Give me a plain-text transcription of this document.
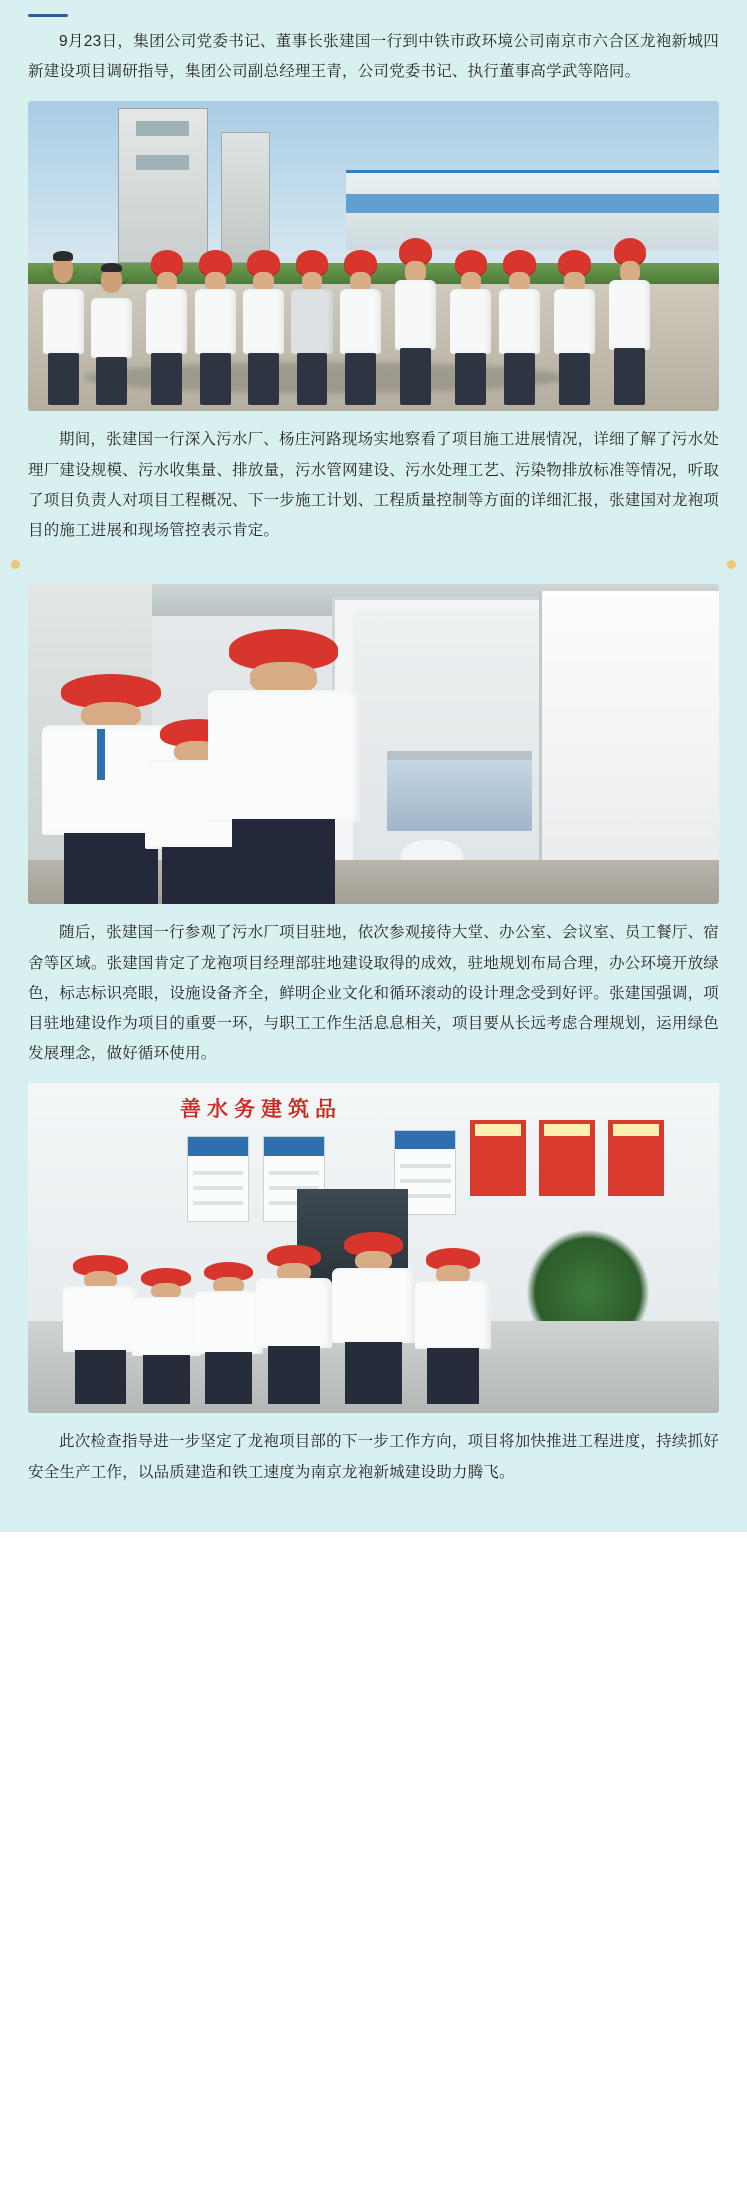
9月23日，集团公司党委书记、董事长张建国一行到中铁市政环境公司南京市六合区龙袍新城四新建设项目调研指导，集团公司副总经理王青，公司党委书记、执行董事高学武等陪同。

期间，张建国一行深入污水厂、杨庄河路现场实地察看了项目施工进展情况，详细了解了污水处理厂建设规模、污水收集量、排放量，污水管网建设、污水处理工艺、污染物排放标准等情况，听取了项目负责人对项目工程概况、下一步施工计划、工程质量控制等方面的详细汇报，张建国对龙袍项目的施工进展和现场管控表示肯定。

随后，张建国一行参观了污水厂项目驻地，依次参观接待大堂、办公室、会议室、员工餐厅、宿舍等区域。张建国肯定了龙袍项目经理部驻地建设取得的成效，驻地规划布局合理，办公环境开放绿色，标志标识亮眼，设施设备齐全，鲜明企业文化和循环滚动的设计理念受到好评。张建国强调，项目驻地建设作为项目的重要一环，与职工工作生活息息相关，项目要从长远考虑合理规划，运用绿色发展理念，做好循环使用。

善水务建筑品

此次检查指导进一步坚定了龙袍项目部的下一步工作方向，项目将加快推进工程进度，持续抓好安全生产工作，以品质建造和铁工速度为南京龙袍新城建设助力腾飞。
